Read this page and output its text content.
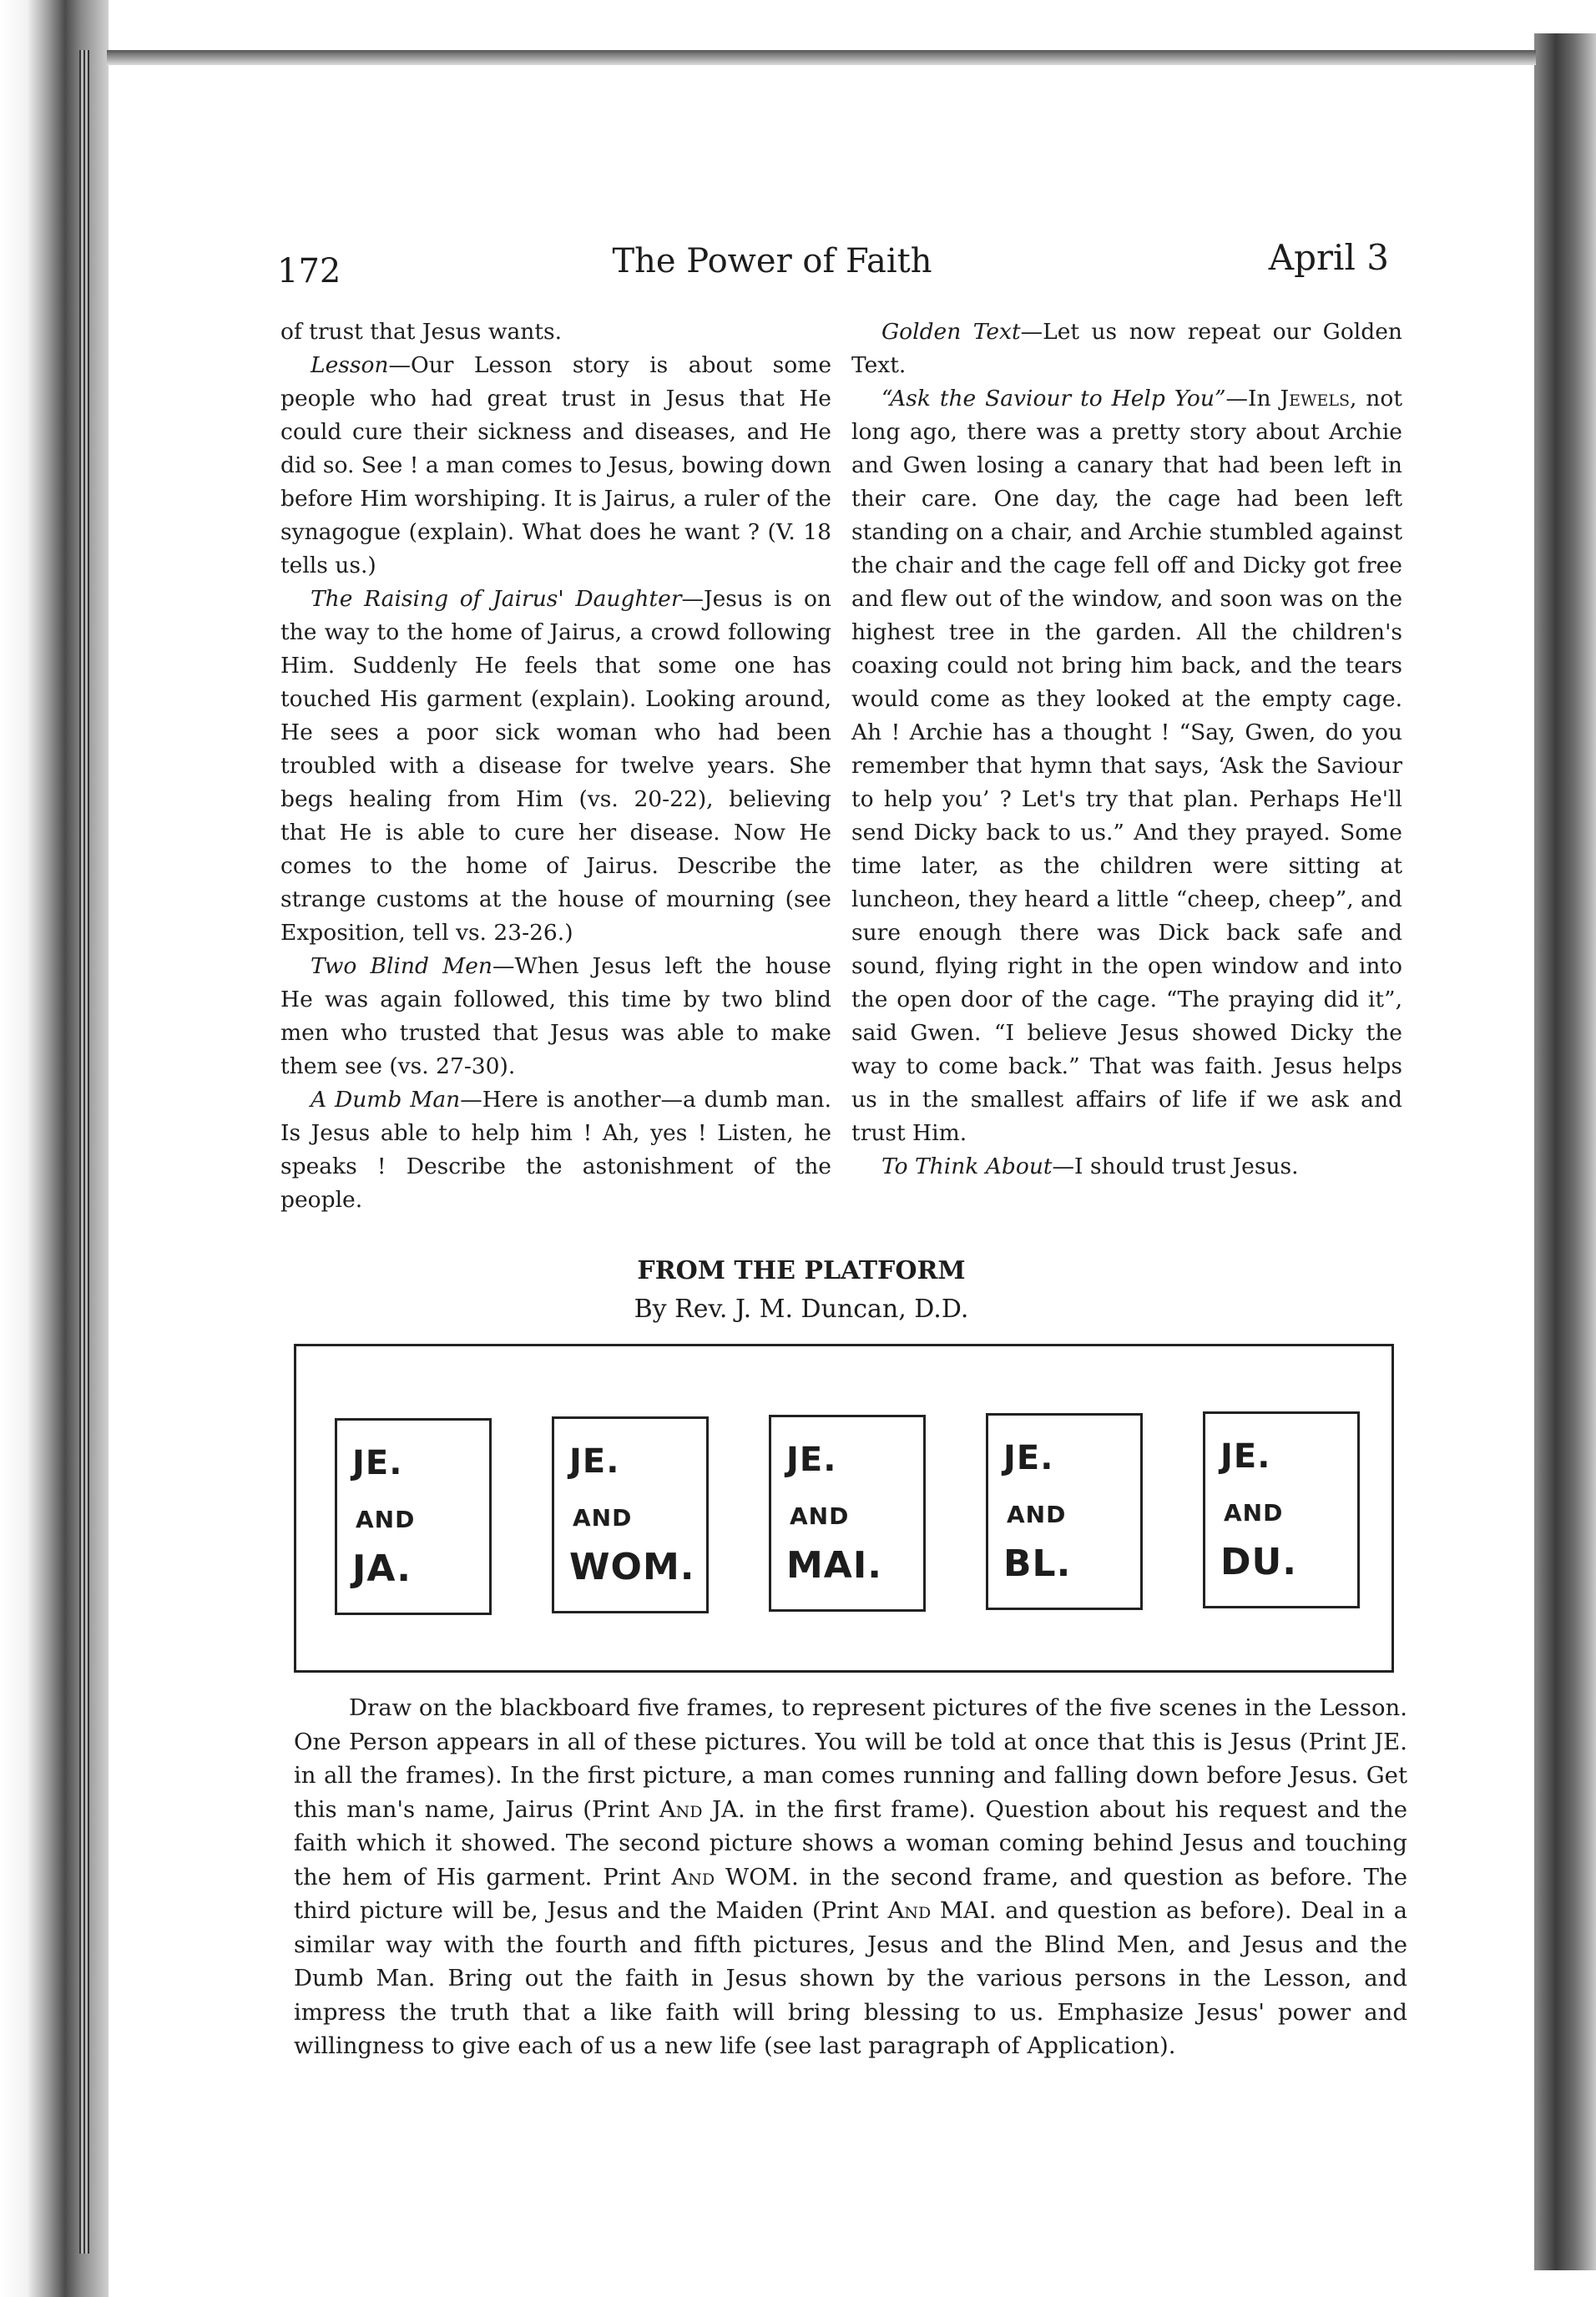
172	The Power of Faith	April 3

of trust that Jesus wants.

Lesson—Our Lesson story is about some people who had great trust in Jesus that He could cure their sickness and diseases, and He did so. See ! a man comes to Jesus, bowing down before Him worshiping. It is Jairus, a ruler of the synagogue (explain). What does he want ? (V. 18 tells us.)

The Raising of Jairus' Daughter—Jesus is on the way to the home of Jairus, a crowd following Him. Suddenly He feels that some one has touched His garment (explain). Looking around, He sees a poor sick woman who had been troubled with a disease for twelve years. She begs healing from Him (vs. 20-22), believing that He is able to cure her disease. Now He comes to the home of Jairus. Describe the strange customs at the house of mourning (see Exposition, tell vs. 23-26.)

Two Blind Men—When Jesus left the house He was again followed, this time by two blind men who trusted that Jesus was able to make them see (vs. 27-30).

A Dumb Man—Here is another—a dumb man. Is Jesus able to help him ! Ah, yes ! Listen, he speaks ! Describe the astonishment of the people.

Golden Text—Let us now repeat our Golden Text.

“Ask the Saviour to Help You”—In Jewels, not long ago, there was a pretty story about Archie and Gwen losing a canary that had been left in their care. One day, the cage had been left standing on a chair, and Archie stumbled against the chair and the cage fell off and Dicky got free and flew out of the window, and soon was on the highest tree in the garden. All the children's coaxing could not bring him back, and the tears would come as they looked at the empty cage. Ah ! Archie has a thought ! “Say, Gwen, do you remember that hymn that says, ‘Ask the Saviour to help you’ ? Let's try that plan. Perhaps He'll send Dicky back to us.” And they prayed. Some time later, as the children were sitting at luncheon, they heard a little “cheep, cheep”, and sure enough there was Dick back safe and sound, flying right in the open window and into the open door of the cage. “The praying did it”, said Gwen. “I believe Jesus showed Dicky the way to come back.” That was faith. Jesus helps us in the smallest affairs of life if we ask and trust Him.

To Think About—I should trust Jesus.

FROM THE PLATFORM
By Rev. J. M. Duncan, D.D.
JE.
AND
JA.
JE.
AND
WOM.
JE.
AND
MAI.
JE.
AND
BL.
JE.
AND
DU.

Draw on the blackboard five frames, to represent pictures of the five scenes in the Lesson. One Person appears in all of these pictures. You will be told at once that this is Jesus (Print JE. in all the frames). In the first picture, a man comes running and falling down before Jesus. Get this man's name, Jairus (Print And JA. in the first frame). Question about his request and the faith which it showed. The second picture shows a woman coming behind Jesus and touching the hem of His garment. Print And WOM. in the second frame, and question as before. The third picture will be, Jesus and the Maiden (Print And MAI. and question as before). Deal in a similar way with the fourth and fifth pictures, Jesus and the Blind Men, and Jesus and the Dumb Man. Bring out the faith in Jesus shown by the various persons in the Lesson, and impress the truth that a like faith will bring blessing to us. Emphasize Jesus' power and willingness to give each of us a new life (see last paragraph of Application).
